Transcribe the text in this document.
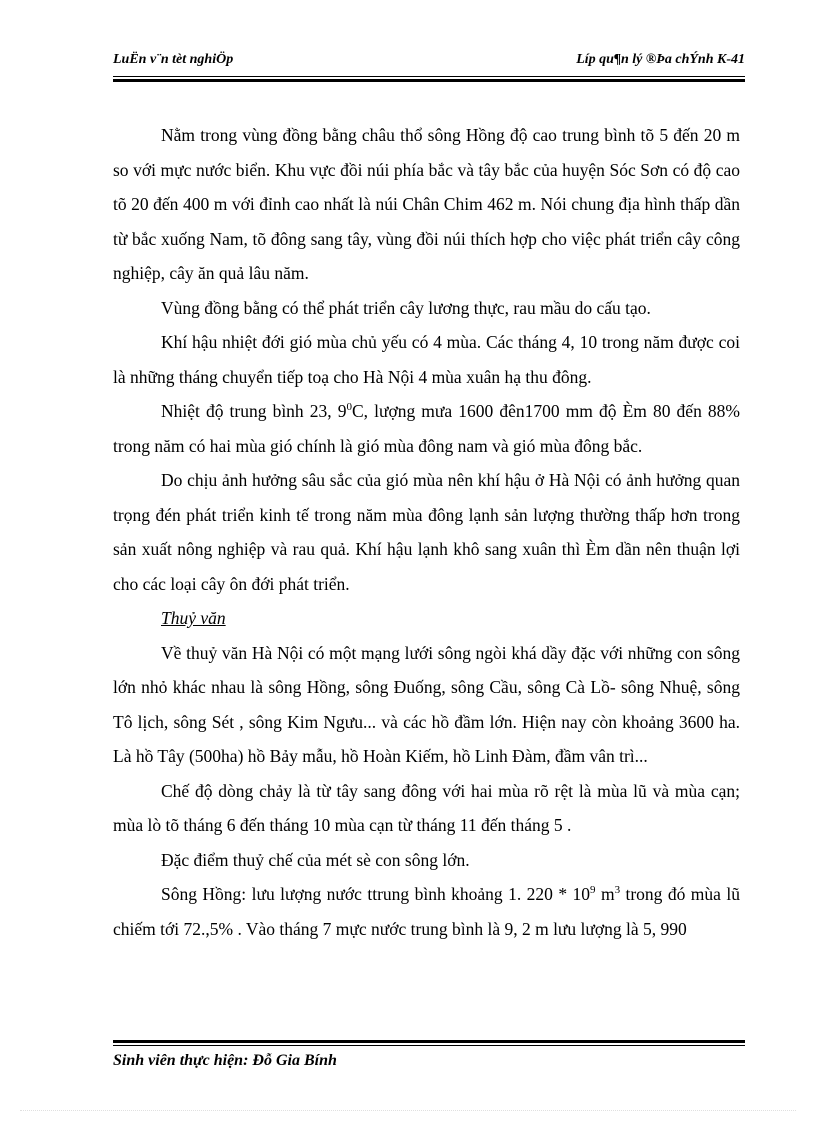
LuËn v¨n tèt nghiÖp	Líp qu¶n lý ®Þa chÝnh K-41

Nằm trong vùng đồng bằng châu thổ sông Hồng độ cao trung bình tõ 5 đến 20 m so với mực nước biển. Khu vực đồi núi phía bắc và tây bắc của huyện Sóc Sơn có độ cao tõ 20 đến 400 m với đỉnh cao nhất là núi Chân Chim 462 m. Nói chung địa hình thấp dần từ bắc xuống Nam, tõ đông sang tây, vùng đồi núi thích hợp cho việc phát triển cây công nghiệp, cây ăn quả lâu năm.

Vùng đồng bằng có thể phát triển cây lương thực, rau mầu do cấu tạo.

Khí hậu nhiệt đới gió mùa chủ yếu có 4 mùa. Các tháng 4, 10 trong năm được coi là những tháng chuyển tiếp toạ cho Hà Nội 4 mùa xuân hạ thu đông.

Nhiệt độ trung bình 23, $9^0C$, lượng mưa 1600 đên1700 mm độ Èm 80 đến 88% trong năm có hai mùa gió chính là gió mùa đông nam và gió mùa đông bắc.

Do chịu ảnh hưởng sâu sắc của gió mùa nên khí hậu ở Hà Nội có ảnh hưởng quan trọng đén phát triển kinh tế trong năm mùa đông lạnh sản lượng thường thấp hơn trong sản xuất nông nghiệp và rau quả. Khí hậu lạnh khô sang xuân thì Èm dần nên thuận lợi cho các loại cây ôn đới phát triển.

Thuỷ văn

Về thuỷ văn Hà Nội có một mạng lưới sông ngòi khá dầy đặc với những con sông lớn nhỏ khác nhau là sông Hồng, sông Đuống, sông Cầu, sông Cà Lồ- sông Nhuệ, sông Tô lịch, sông Sét , sông Kim Ngưu... và các hồ đầm lớn. Hiện nay còn khoảng 3600 ha. Là hồ Tây (500ha) hồ Bảy mẫu, hồ Hoàn Kiếm, hồ Linh Đàm, đầm vân trì...

Chế độ dòng chảy là từ tây sang đông với hai mùa rõ rệt là mùa lũ và mùa cạn; mùa lò tõ tháng 6 đến tháng 10 mùa cạn từ tháng 11 đến tháng 5 .

Đặc điểm thuỷ chế của mét sè con sông lớn.

Sông Hồng: lưu lượng nước ttrung bình khoảng 1. $220 * 10^9$ $m^3$ trong đó mùa lũ chiếm tới 72.,5% . Vào tháng 7 mực nước trung bình là 9, 2 m lưu lượng là 5, 990

Sinh viên thực hiện: Đỗ Gia Bính
